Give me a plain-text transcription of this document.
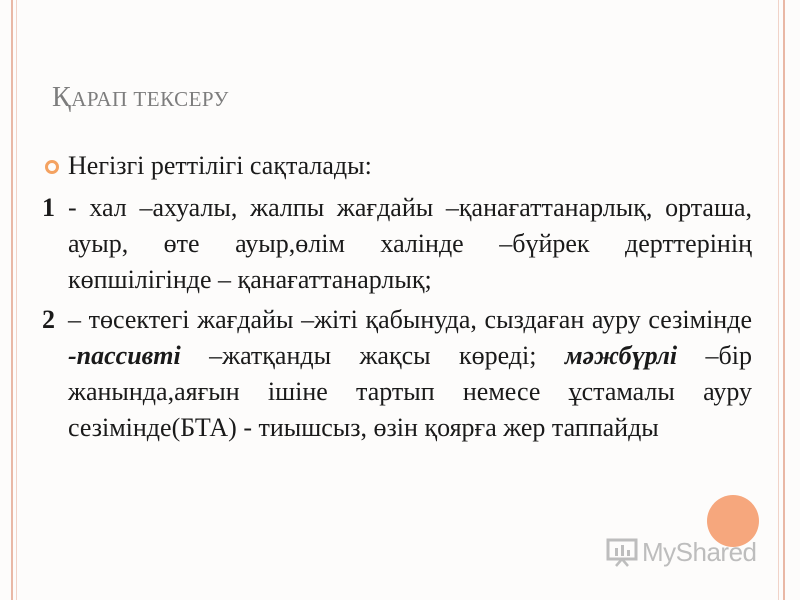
ҚАРАП ТЕКСЕРУ
Негізгі реттілігі сақталады:
1 - хал –ахуалы, жалпы жағдайы –қанағаттанарлық, орташа, ауыр, өте ауыр,өлім халінде –бүйрек дерттерінің көпшілігінде – қанағаттанарлық;
2 – төсектегі жағдайы –жіті қабынуда, сыздаған ауру сезімінде -пассивті –жатқанды жақсы көреді; мәжбүрлі –бір жанында,аяғын ішіне тартып немесе ұстамалы ауру сезімінде(БТА) - тиышсыз, өзін қоярға жер таппайды
MyShared
